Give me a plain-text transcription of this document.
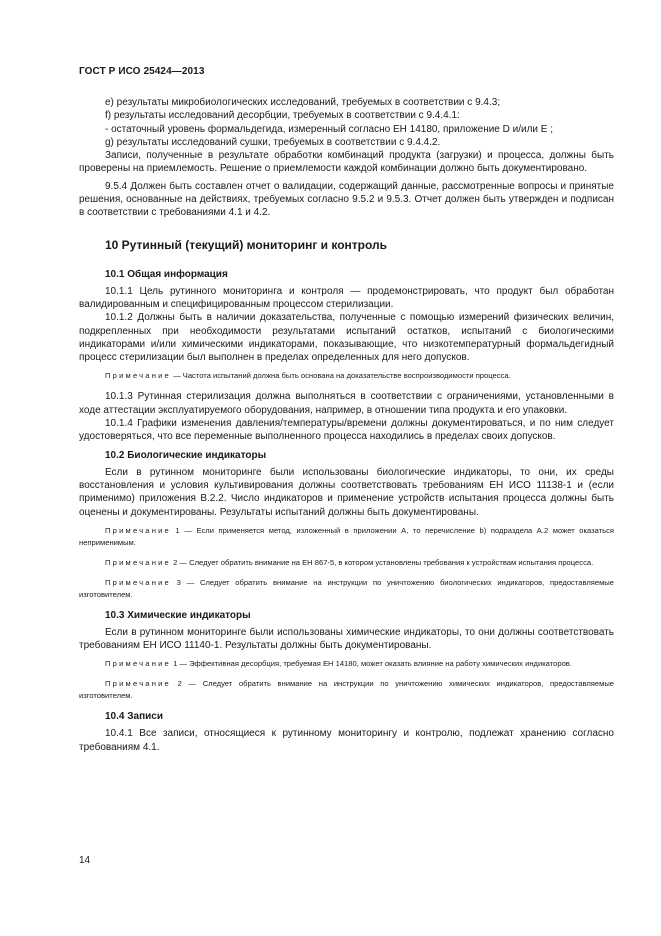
ГОСТ Р ИСО 25424—2013

е) результаты микробиологических исследований, требуемых в соответствии с 9.4.3;

f) результаты исследований десорбции, требуемых в соответствии с 9.4.4.1:

- остаточный уровень формальдегида, измеренный согласно ЕН 14180, приложение D и/или E ;

g) результаты исследований сушки, требуемых в соответствии с 9.4.4.2.

Записи, полученные в результате обработки комбинаций продукта (загрузки) и процесса, должны быть проверены на приемлемость. Решение о приемлемости каждой комбинации должно быть документировано.

9.5.4 Должен быть составлен отчет о валидации, содержащий данные, рассмотренные вопросы и принятые решения, основанные на действиях, требуемых согласно 9.5.2 и 9.5.3. Отчет должен быть утвержден и подписан в соответствии с требованиями 4.1 и 4.2.

10 Рутинный (текущий) мониторинг и контроль
10.1 Общая информация

10.1.1 Цель рутинного мониторинга и контроля — продемонстрировать, что продукт был обработан валидированным и специфицированным процессом стерилизации.

10.1.2 Должны быть в наличии доказательства, полученные с помощью измерений физических величин, подкрепленных при необходимости результатами испытаний остатков, испытаний с биологическими индикаторами и/или химическими индикаторами, показывающие, что низкотемпературный формальдегидный процесс стерилизации был выполнен в пределах определенных для него допусков.

Примечание — Частота испытаний должна быть основана на доказательстве воспроизводимости процесса.

10.1.3 Рутинная стерилизация должна выполняться в соответствии с ограничениями, установленными в ходе аттестации эксплуатируемого оборудования, например, в отношении типа продукта и его упаковки.

10.1.4 Графики изменения давления/температуры/времени должны документироваться, и по ним следует удостоверяться, что все переменные выполненного процесса находились в пределах своих допусков.

10.2 Биологические индикаторы

Если в рутинном мониторинге были использованы биологические индикаторы, то они, их среды восстановления и условия культивирования должны соответствовать требованиям ЕН ИСО 11138-1 и (если применимо) приложения В.2.2. Число индикаторов и применение устройств испытания процесса должны быть оценены и документированы. Результаты испытаний должны быть документированы.

Примечание 1 — Если применяется метод, изложенный в приложении А, то перечисление b) подраздела А.2 может оказаться неприменимым.

Примечание 2 — Следует обратить внимание на ЕН 867-5, в котором установлены требования к устройствам испытания процесса.

Примечание 3 — Следует обратить внимание на инструкции по уничтожению биологических индикаторов, предоставляемые изготовителем.

10.3 Химические индикаторы

Если в рутинном мониторинге были использованы химические индикаторы, то они должны соответствовать требованиям ЕН ИСО 11140-1. Результаты должны быть документированы.

Примечание 1 — Эффективная десорбция, требуемая ЕН 14180, может оказать влияние на работу химических индикаторов.

Примечание 2 — Следует обратить внимание на инструкции по уничтожению химических индикаторов, предоставляемые изготовителем.

10.4 Записи

10.4.1 Все записи, относящиеся к рутинному мониторингу и контролю, подлежат хранению согласно требованиям 4.1.

14
